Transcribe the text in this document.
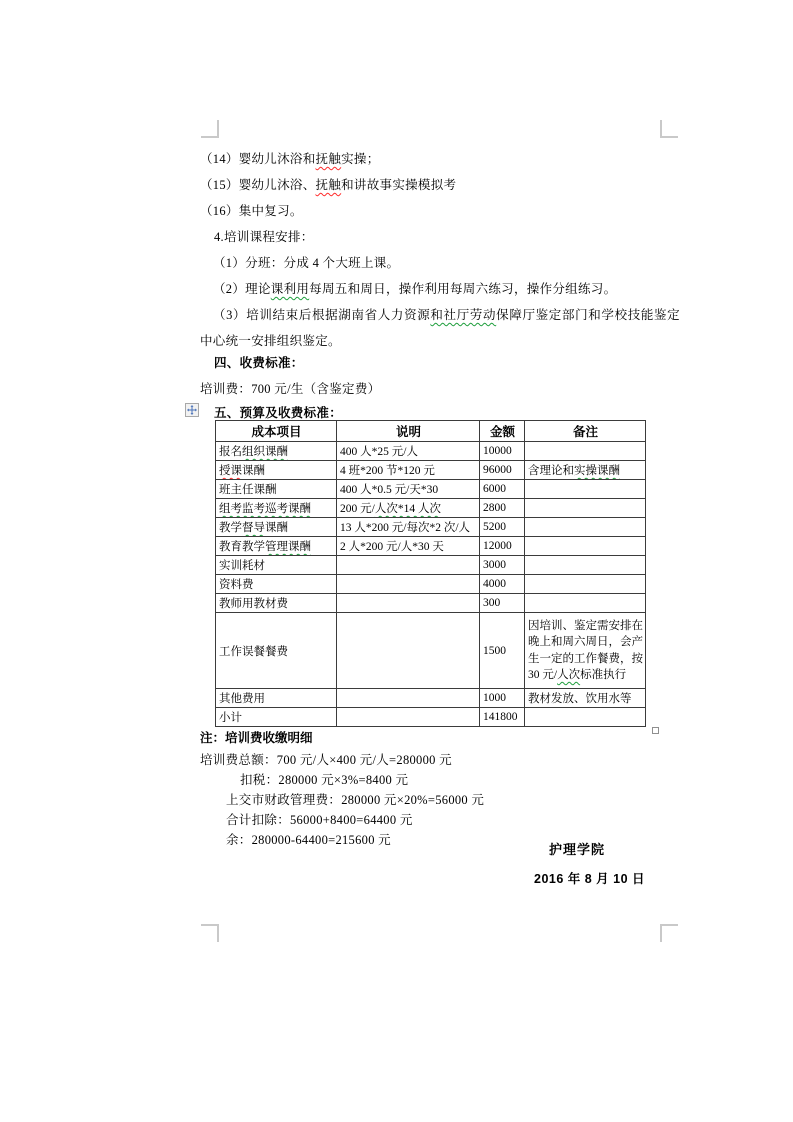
（14）婴幼儿沐浴和抚触实操；
（15）婴幼儿沐浴、抚触和讲故事实操模拟考
（16）集中复习。
4.培训课程安排：
（1）分班：分成 4 个大班上课。
（2）理论课利用每周五和周日，操作利用每周六练习，操作分组练习。
（3）培训结束后根据湖南省人力资源和社厅劳动保障厅鉴定部门和学校技能鉴定中心统一安排组织鉴定。
四、收费标准：
培训费：700 元/生（含鉴定费）
五、预算及收费标准：
成本项目	说明	金额	备注
报名组织课酬	400 人*25 元/人	10000	
授课课酬	4 班*200 节*120 元	96000	含理论和实操课酬
班主任课酬	400 人*0.5 元/天*30	6000	
组考监考巡考课酬	200 元/人次*14 人次	2800	
教学督导课酬	13 人*200 元/每次*2 次/人	5200	
教育教学管理课酬	2 人*200 元/人*30 天	12000	
实训耗材		3000	
资料费		4000	
教师用教材费		300	
工作误餐餐费		1500	因培训、鉴定需安排在晚上和周六周日，会产生一定的工作餐费，按30 元/人次标准执行
其他费用		1000	教材发放、饮用水等
小计		141800	
注：培训费收缴明细
培训费总额：700 元/人×400 元/人=280000 元
扣税：280000 元×3%=8400 元
上交市财政管理费：280000 元×20%=56000 元
合计扣除：56000+8400=64400 元
余：280000-64400=215600 元
护理学院
2016 年 8 月 10 日
